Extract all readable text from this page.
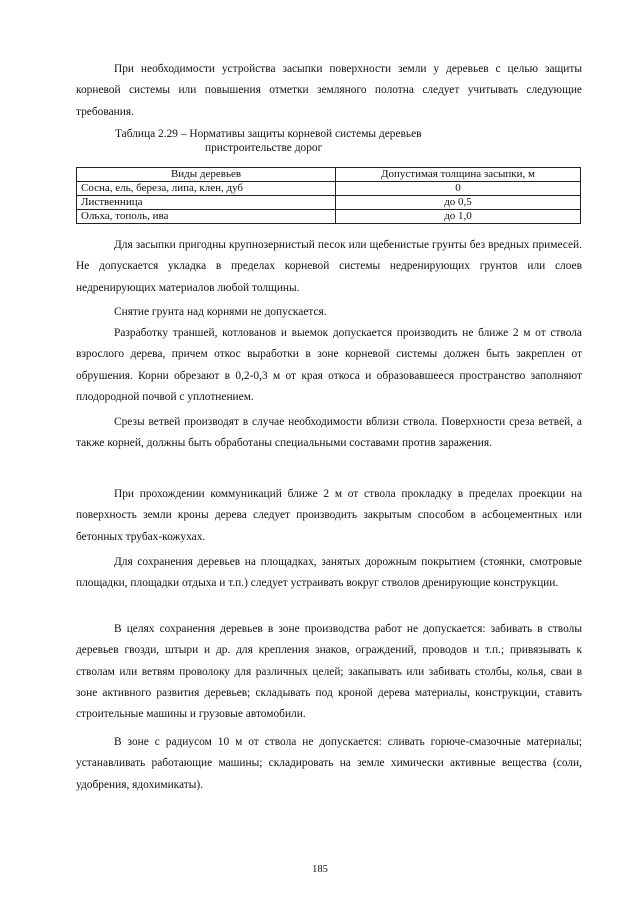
При необходимости устройства засыпки поверхности земли у деревьев с целью защиты корневой системы или повышения отметки земляного полотна следует учитывать следующие требования.

Таблица 2.29 – Нормативы защиты корневой системы деревьев
пристроительстве дорог

Виды деревьев	Допустимая толщина засыпки, м
Сосна, ель, береза, липа, клен, дуб	0
Лиственница	до 0,5
Ольха, тополь, ива	до 1,0

Для засыпки пригодны крупнозернистый песок или щебенистые грунты без вредных примесей. Не допускается укладка в пределах корневой системы недренирующих грунтов или слоев недренирующих материалов любой толщины.

Снятие грунта над корнями не допускается.

Разработку траншей, котлованов и выемок допускается производить не ближе 2 м от ствола взрослого дерева, причем откос выработки в зоне корневой системы должен быть закреплен от обрушения. Корни обрезают в 0,2-0,3 м от края откоса и образовавшееся пространство заполняют плодородной почвой с уплотнением.

Срезы ветвей производят в случае необходимости вблизи ствола. Поверхности среза ветвей, а также корней, должны быть обработаны специальными составами против заражения.

При прохождении коммуникаций ближе 2 м от ствола прокладку в пределах проекции на поверхность земли кроны дерева следует производить закрытым способом в асбоцементных или бетонных трубах-кожухах.

Для сохранения деревьев на площадках, занятых дорожным покрытием (стоянки, смотровые площадки, площадки отдыха и т.п.) следует устраивать вокруг стволов дренирующие конструкции.

В целях сохранения деревьев в зоне производства работ не допускается: забивать в стволы деревьев гвозди, штыри и др. для крепления знаков, ограждений, проводов и т.п.; привязывать к стволам или ветвям проволоку для различных целей; закапывать или забивать столбы, колья, сваи в зоне активного развития деревьев; складывать под кроной дерева материалы, конструкции, ставить строительные машины и грузовые автомобили.

В зоне с радиусом 10 м от ствола не допускается: сливать горюче-смазочные материалы; устанавливать работающие машины; складировать на земле химически активные вещества (соли, удобрения, ядохимикаты).

185
